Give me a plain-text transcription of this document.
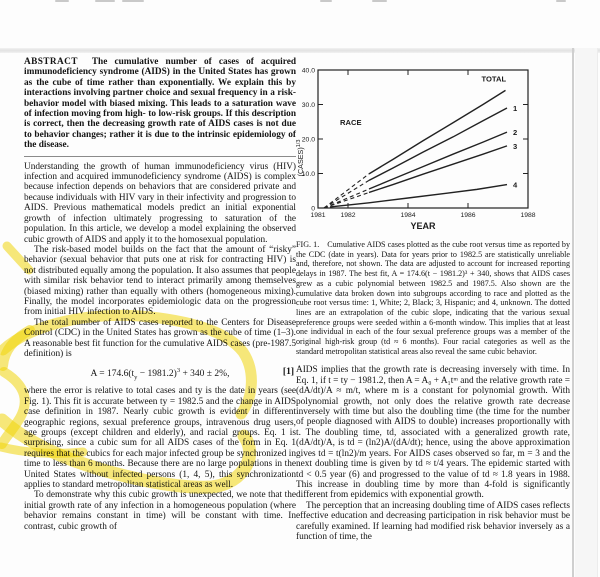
ABSTRACT The cumulative number of cases of acquired immunodeficiency syndrome (AIDS) in the United States has grown as the cube of time rather than exponentially. We explain this by interactions involving partner choice and sexual frequency in a risk-behavior model with biased mixing. This leads to a saturation wave of infection moving from high- to low-risk groups. If this description is correct, then the decreasing growth rate of AIDS cases is not due to behavior changes; rather it is due to the intrinsic epidemiology of the disease.

Understanding the growth of human immunodeficiency virus (HIV) infection and acquired immunodeficiency syndrome (AIDS) is complex because infection depends on behaviors that are considered private and because individuals with HIV vary in their infectivity and progression to AIDS. Previous mathematical models predict an initial exponential growth of infection ultimately progressing to saturation of the population. In this article, we develop a model explaining the observed cubic growth of AIDS and apply it to the homosexual population.

The risk-based model builds on the fact that the amount of “risky” behavior (sexual behavior that puts one at risk for contracting HIV) is not distributed equally among the population. It also assumes that people with similar risk behavior tend to interact primarily among themselves (biased mixing) rather than equally with others (homogeneous mixing). Finally, the model incorporates epidemiologic data on the progression from initial HIV infection to AIDS.

The total number of AIDS cases reported to the Centers for Disease Control (CDC) in the United States has grown as the cube of time (1–3). A reasonable best fit function for the cumulative AIDS cases (pre-1987.5 definition) is

$A = 174.6(t_y - 1981.2)^3 + 340 \pm 2\%$,	[1]

where the error is relative to total cases and ty is the date in years (see Fig. 1). This fit is accurate between ty = 1982.5 and the change in AIDS case definition in 1987. Nearly cubic growth is evident in different geographic regions, sexual preference groups, intravenous drug users, age groups (except children and elderly), and racial groups. Eq. 1 is surprising, since a cubic sum for all AIDS cases of the form in Eq. 1 requires that the cubics for each major infected group be synchronized in time to less than 6 months. Because there are no large populations in the United States without infected persons (1, 4, 5), this synchronization applies to standard metropolitan statistical areas as well.

To demonstrate why this cubic growth is unexpected, we note that the initial growth rate of any infection in a homogeneous population (where behavior remains constant in time) will be constant with time. In contrast, cubic growth of

0
10.0
20.0
30.0
40.0
1981 1982	1984	1986	1988
TOTAL
1
2
3
4
RACE
YEAR
(CASES)$^{1/3}$

FIG. 1. Cumulative AIDS cases plotted as the cube root versus time as reported by the CDC (date in years). Data for years prior to 1982.5 are statistically unreliable and, therefore, not shown. The data are adjusted to account for increased reporting delays in 1987. The best fit, A = 174.6(t − 1981.2)³ + 340, shows that AIDS cases grew as a cubic polynomial between 1982.5 and 1987.5. Also shown are the cumulative data broken down into subgroups according to race and plotted as the cube root versus time: 1, White; 2, Black; 3, Hispanic; and 4, unknown. The dotted lines are an extrapolation of the cubic slope, indicating that the various sexual preference groups were seeded within a 6-month window. This implies that at least one individual in each of the four sexual preference groups was a member of the original high-risk group (td ≈ 6 months). Four racial categories as well as the standard metropolitan statistical areas also reveal the same cubic behavior.

AIDS implies that the growth rate is decreasing inversely with time. In Eq. 1, if t = ty − 1981.2, then A = A₀ + A₁tᵐ and the relative growth rate = (dA/dt)/A ≈ m/t, where m is a constant for polynomial growth. With polynomial growth, not only does the relative growth rate decrease inversely with time but also the doubling time (the time for the number of people diagnosed with AIDS to double) increases proportionally with t. The doubling time, td, associated with a generalized growth rate, (dA/dt)/A, is td = (ln2)A/(dA/dt); hence, using the above approximation gives td = t(ln2)/m years. For AIDS cases observed so far, m = 3 and the next doubling time is given by td ≈ t/4 years. The epidemic started with td < 0.5 year (6) and progressed to the value of td ≈ 1.8 years in 1988. This increase in doubling time by more than 4-fold is significantly different from epidemics with exponential growth.

The perception that an increasing doubling time of AIDS cases reflects effective education and decreasing participation in risk behavior must be carefully examined. If learning had modified risk behavior inversely as a function of time, the
